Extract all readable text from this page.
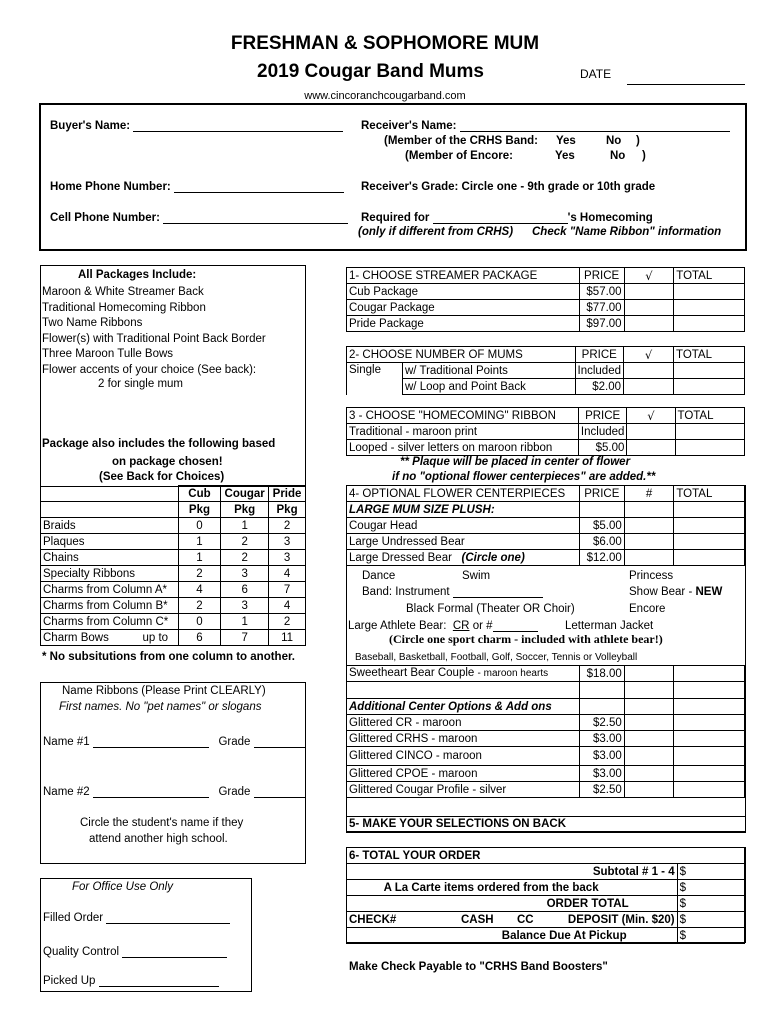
FRESHMAN & SOPHOMORE MUM
2019 Cougar Band Mums	DATE
www.cincoranchcougarband.com
Buyer's Name:
Home Phone Number:
Cell Phone Number:
Receiver's Name:
(Member of the CRHS Band: Yes	No )
(Member of Encore:	Yes	No )
Receiver's Grade: Circle one - 9th grade or 10th grade
Required for	's Homecoming
(only if different from CRHS) Check "Name Ribbon" information
All Packages Include:
Maroon & White Streamer Back
Traditional Homecoming Ribbon
Two Name Ribbons
Flower(s) with Traditional Point Back Border
Three Maroon Tulle Bows
Flower accents of your choice (See back):
2 for single mum
Package also includes the following based
on package chosen!
(See Back for Choices)
	Cub	Cougar	Pride
	Pkg	Pkg	Pkg
Braids	0	1	2
Plaques	1	2	3
Chains	1	2	3
Specialty Ribbons	2	3	4
Charms from Column A*	4	6	7
Charms from Column B*	2	3	4
Charms from Column C*	0	1	2
Charm Bows up to	6	7	11
* No subsitutions from one column to another.
Name Ribbons (Please Print CLEARLY)
First names. No "pet names" or slogans
Name #1	Grade
Name #2	Grade
Circle the student's name if they
attend another high school.
For Office Use Only
Filled Order
Quality Control
Picked Up
1- CHOOSE STREAMER PACKAGE	PRICE	√	TOTAL
Cub Package	$57.00		
Cougar Package	$77.00		
Pride Package	$97.00		
2- CHOOSE NUMBER OF MUMS		PRICE	√	TOTAL
Single	w/ Traditional Points	Included		
	w/ Loop and Point Back	$2.00		
3 - CHOOSE "HOMECOMING" RIBBON	PRICE	√	TOTAL
Traditional - maroon print	Included		
Looped - silver letters on maroon ribbon	$5.00		
** Plaque will be placed in center of flower
if no "optional flower centerpieces" are added.**
4- OPTIONAL FLOWER CENTERPIECES	PRICE	#	TOTAL
LARGE MUM SIZE PLUSH:			
Cougar Head	$5.00		
Large Undressed Bear	$6.00		
Large Dressed Bear (Circle one)	$12.00		
Dance	Swim	Princess
Band: Instrument	Show Bear - NEW
Black Formal (Theater OR Choir)	Encore
Large Athlete Bear: CR or #	Letterman Jacket
(Circle one sport charm - included with athlete bear!)
Baseball, Basketball, Football, Golf, Soccer, Tennis or Volleyball
Sweetheart Bear Couple - maroon hearts	$18.00		

Additional Center Options & Add ons			
Glittered CR - maroon	$2.50		
Glittered CRHS - maroon	$3.00		
Glittered CINCO - maroon	$3.00		
Glittered CPOE - maroon	$3.00		
Glittered Cougar Profile - silver	$2.50		
5- MAKE YOUR SELECTIONS ON BACK
6- TOTAL YOUR ORDER	
Subtotal # 1 - 4	$
A La Carte items ordered from the back	$
ORDER TOTAL	$
CHECK# CASH CC DEPOSIT (Min. $20)	$
Balance Due At Pickup	$
Make Check Payable to "CRHS Band Boosters"
